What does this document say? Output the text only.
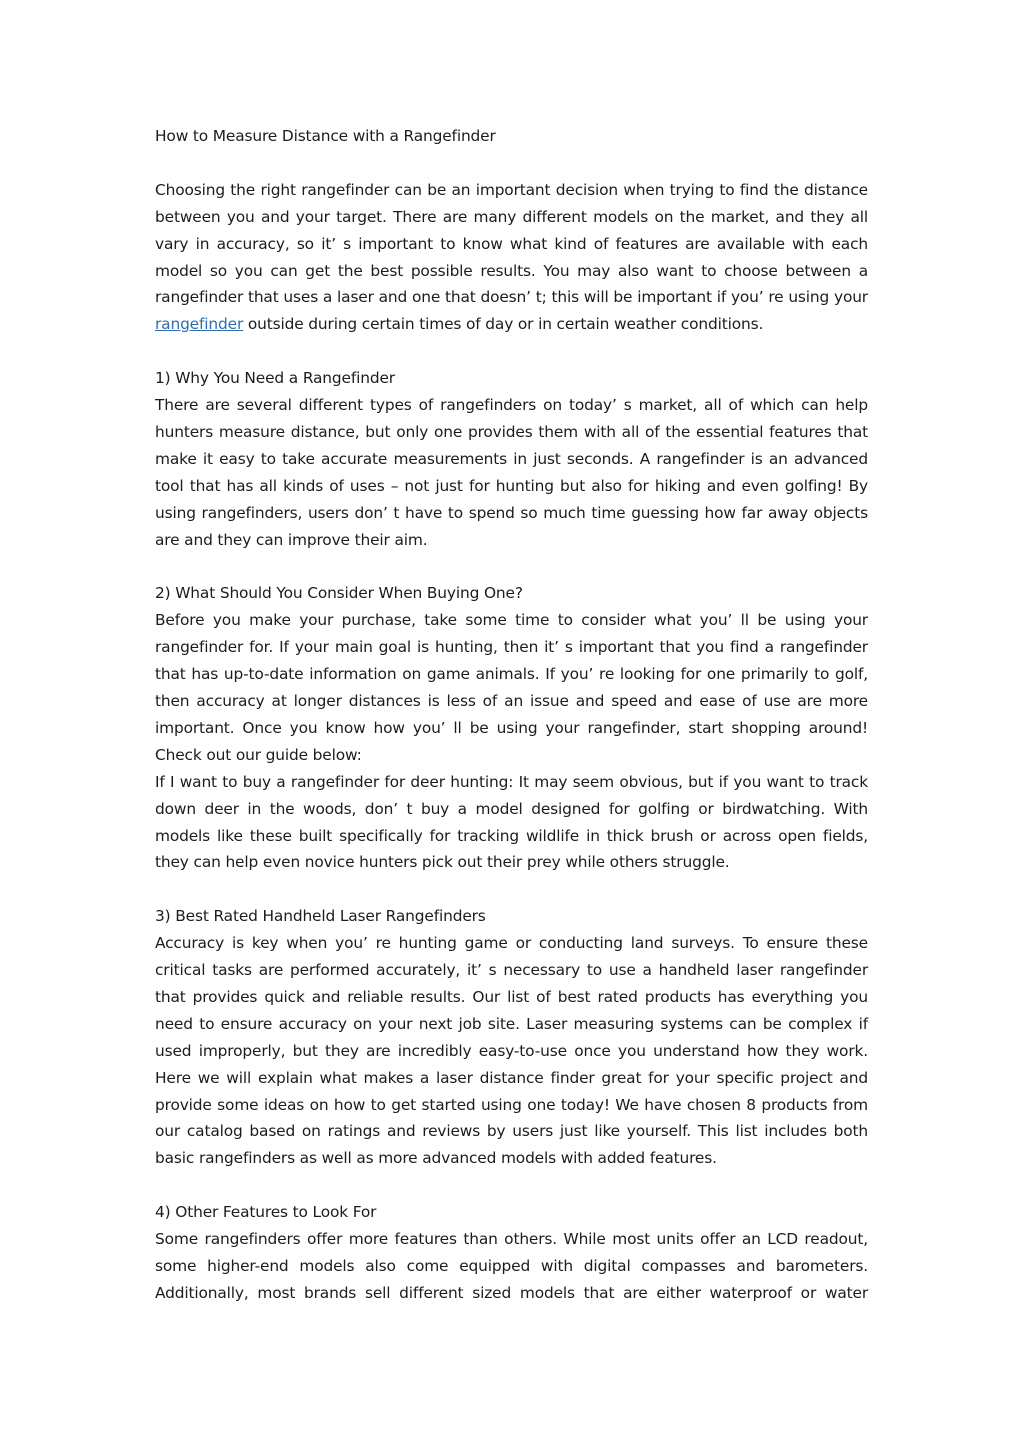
How to Measure Distance with a Rangefinder

Choosing the right rangefinder can be an important decision when trying to find the distance between you and your target. There are many different models on the market, and they all vary in accuracy, so it’ s important to know what kind of features are available with each model so you can get the best possible results. You may also want to choose between a rangefinder that uses a laser and one that doesn’ t; this will be important if you’ re using your rangefinder outside during certain times of day or in certain weather conditions.

1) Why You Need a Rangefinder

There are several different types of rangefinders on today’ s market, all of which can help hunters measure distance, but only one provides them with all of the essential features that make it easy to take accurate measurements in just seconds. A rangefinder is an advanced tool that has all kinds of uses – not just for hunting but also for hiking and even golfing! By using rangefinders, users don’ t have to spend so much time guessing how far away objects are and they can improve their aim.

2) What Should You Consider When Buying One?

Before you make your purchase, take some time to consider what you’ ll be using your rangefinder for. If your main goal is hunting, then it’ s important that you find a rangefinder that has up-to-date information on game animals. If you’ re looking for one primarily to golf, then accuracy at longer distances is less of an issue and speed and ease of use are more important. Once you know how you’ ll be using your rangefinder, start shopping around! Check out our guide below:

If I want to buy a rangefinder for deer hunting: It may seem obvious, but if you want to track down deer in the woods, don’ t buy a model designed for golfing or birdwatching. With models like these built specifically for tracking wildlife in thick brush or across open fields, they can help even novice hunters pick out their prey while others struggle.

3) Best Rated Handheld Laser Rangefinders

Accuracy is key when you’ re hunting game or conducting land surveys. To ensure these critical tasks are performed accurately, it’ s necessary to use a handheld laser rangefinder that provides quick and reliable results. Our list of best rated products has everything you need to ensure accuracy on your next job site. Laser measuring systems can be complex if used improperly, but they are incredibly easy-to-use once you understand how they work. Here we will explain what makes a laser distance finder great for your specific project and provide some ideas on how to get started using one today! We have chosen 8 products from our catalog based on ratings and reviews by users just like yourself. This list includes both basic rangefinders as well as more advanced models with added features.

4) Other Features to Look For

Some rangefinders offer more features than others. While most units offer an LCD readout, some higher-end models also come equipped with digital compasses and barometers. Additionally, most brands sell different sized models that are either waterproof or water
